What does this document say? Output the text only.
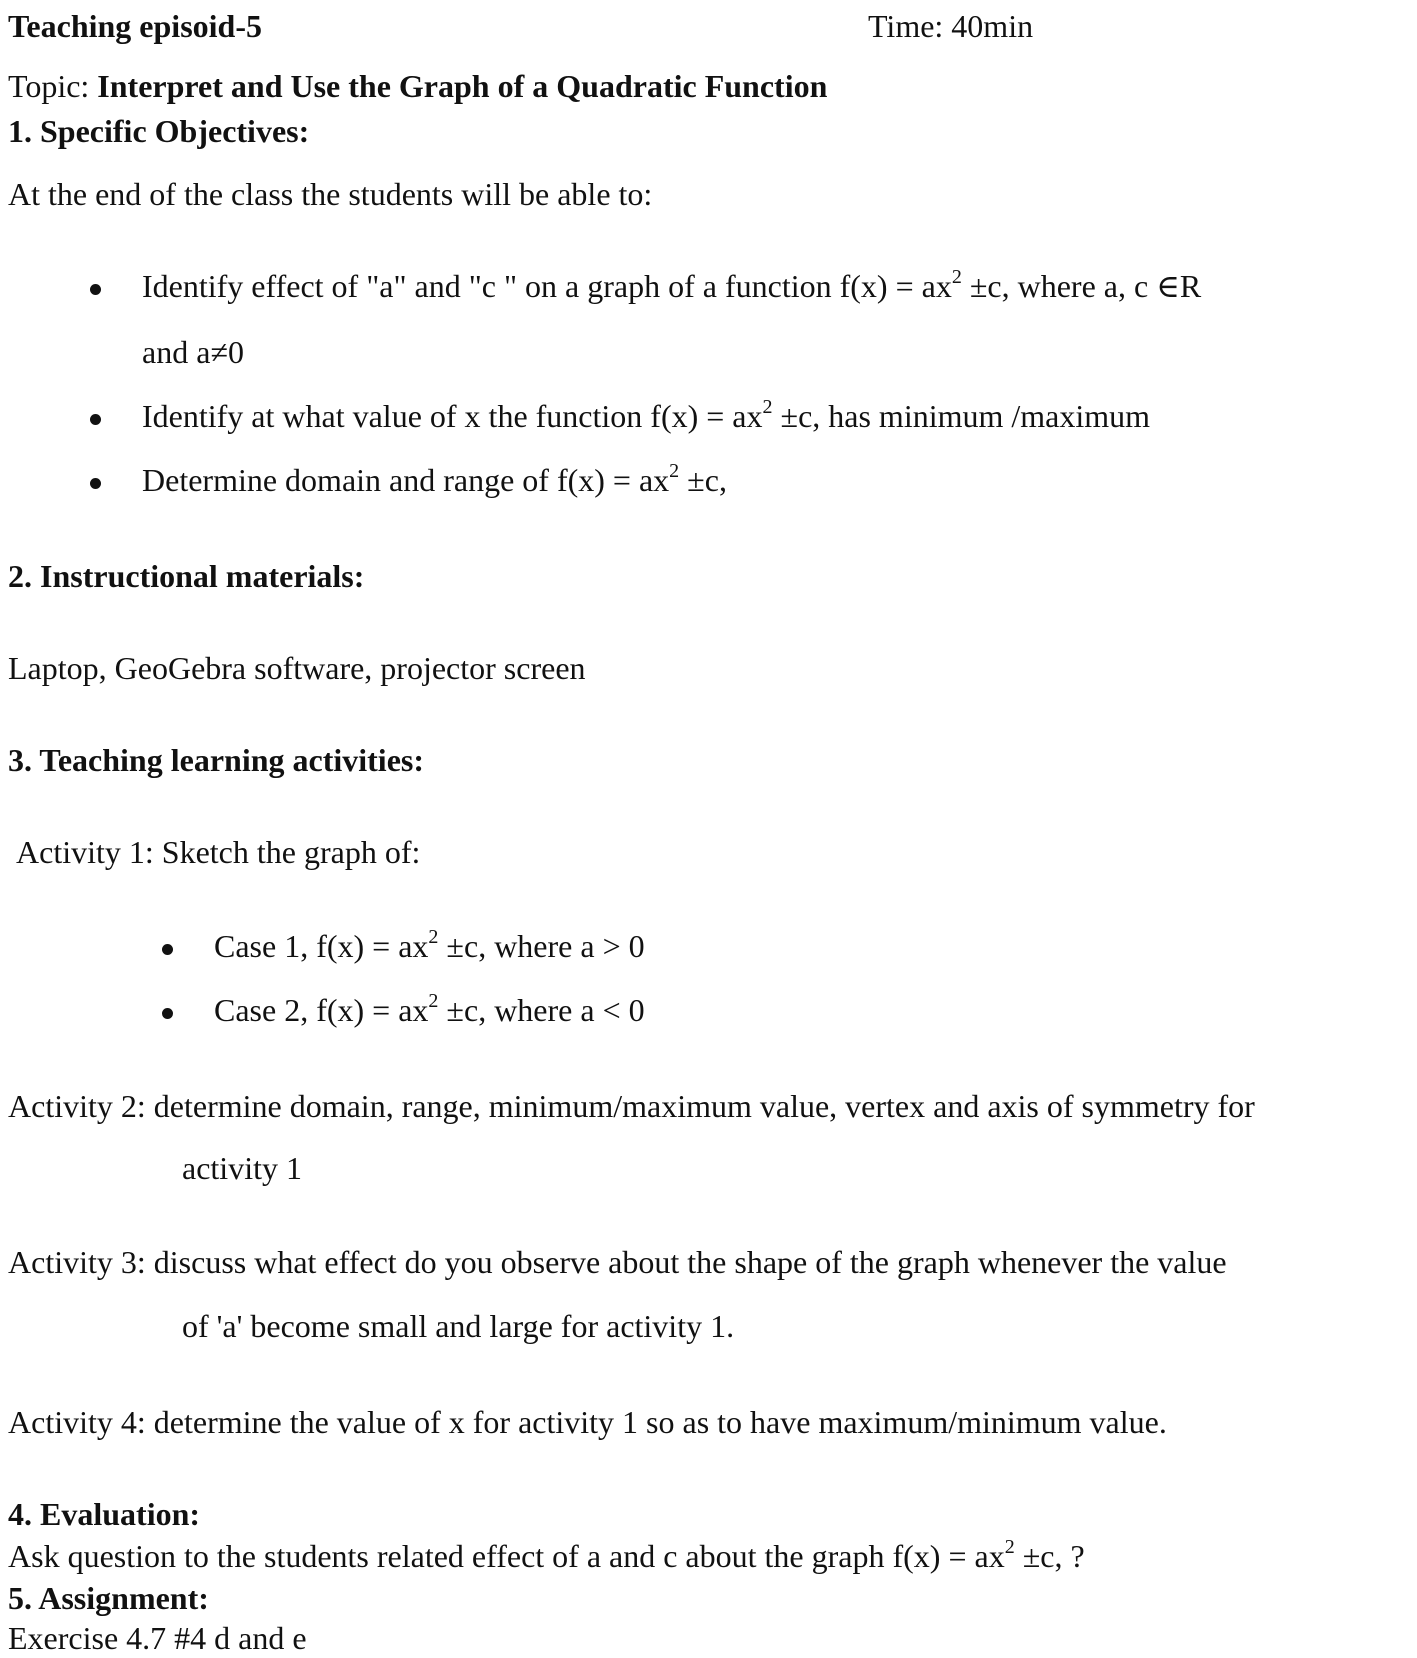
Teaching episoid-5	Time: 40min
Topic: Interpret and Use the Graph of a Quadratic Function
1. Specific Objectives:
At the end of the class the students will be able to:
Identify effect of "a" and "c " on a graph of a function $f(x) = ax^2 \pm c$, where a, c ∈R
and a≠0
Identify at what value of x the function $f(x) = ax^2 \pm c$, has minimum /maximum
Determine domain and range of $f(x) = ax^2 \pm c$,
2. Instructional materials:
Laptop, GeoGebra software, projector screen
3. Teaching learning activities:
Activity 1: Sketch the graph of:
Case 1, $f(x) = ax^2 \pm c$, where a > 0
Case 2, $f(x) = ax^2 \pm c$, where a < 0
Activity 2: determine domain, range, minimum/maximum value, vertex and axis of symmetry for
activity 1
Activity 3: discuss what effect do you observe about the shape of the graph whenever the value
of 'a' become small and large for activity 1.
Activity 4: determine the value of x for activity 1 so as to have maximum/minimum value.
4. Evaluation:
Ask question to the students related effect of a and c about the graph $f(x) = ax^2 \pm c$, ?
5. Assignment:
Exercise 4.7 #4 d and e
